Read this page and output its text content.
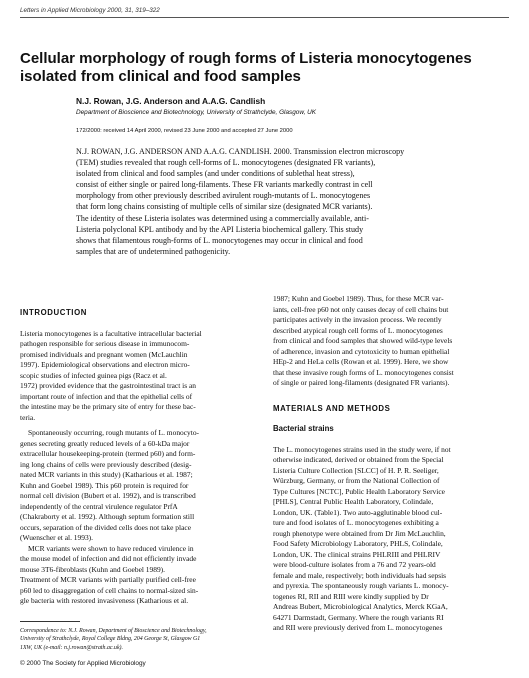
Letters in Applied Microbiology 2000, 31, 319–322
Cellular morphology of rough forms of Listeria monocytogenes isolated from clinical and food samples
N.J. Rowan, J.G. Anderson and A.A.G. Candlish
Department of Bioscience and Biotechnology, University of Strathclyde, Glasgow, UK
172/2000: received 14 April 2000, revised 23 June 2000 and accepted 27 June 2000
N.J. ROWAN, J.G. ANDERSON AND A.A.G. CANDLISH. 2000. Transmission electron microscopy
(TEM) studies revealed that rough cell-forms of L. monocytogenes (designated FR variants),
isolated from clinical and food samples (and under conditions of sublethal heat stress),
consist of either single or paired long-filaments. These FR variants markedly contrast in cell
morphology from other previously described avirulent rough-mutants of L. monocytogenes
that form long chains consisting of multiple cells of similar size (designated MCR variants).
The identity of these Listeria isolates was determined using a commercially available, anti-
Listeria polyclonal KPL antibody and by the API Listeria biochemical gallery. This study
shows that filamentous rough-forms of L. monocytogenes may occur in clinical and food
samples that are of undetermined pathogenicity.
INTRODUCTION
Listeria monocytogenes is a facultative intracellular bacterial
pathogen responsible for serious disease in immunocom-
promised individuals and pregnant women (McLauchlin
1997). Epidemiological observations and electron micro-
scopic studies of infected guinea pigs (Racz et al.
1972) provided evidence that the gastrointestinal tract is an
important route of infection and that the epithelial cells of
the intestine may be the primary site of entry for these bac-
teria.
Spontaneously occurring, rough mutants of L. monocyto-
genes secreting greatly reduced levels of a 60-kDa major
extracellular housekeeping-protein (termed p60) and form-
ing long chains of cells were previously described (desig-
nated MCR variants in this study) (Katharious et al. 1987;
Kuhn and Goebel 1989). This p60 protein is required for
normal cell division (Bubert et al. 1992), and is transcribed
independently of the central virulence regulator PrfA
(Chakraborty et al. 1992). Although septum formation still
occurs, separation of the divided cells does not take place
(Wuenscher et al. 1993).
MCR variants were shown to have reduced virulence in
the mouse model of infection and did not efficiently invade
mouse 3T6-fibroblasts (Kuhn and Goebel 1989).
Treatment of MCR variants with partially purified cell-free
p60 led to disaggregation of cell chains to normal-sized sin-
gle bacteria with restored invasiveness (Katharious et al.
1987; Kuhn and Goebel 1989). Thus, for these MCR var-
iants, cell-free p60 not only causes decay of cell chains but
participates actively in the invasion process. We recently
described atypical rough cell forms of L. monocytogenes
from clinical and food samples that showed wild-type levels
of adherence, invasion and cytotoxicity to human epithelial
HEp-2 and HeLa cells (Rowan et al. 1999). Here, we show
that these invasive rough forms of L. monocytogenes consist
of single or paired long-filaments (designated FR variants).
MATERIALS AND METHODS
Bacterial strains
The L. monocytogenes strains used in the study were, if not
otherwise indicated, derived or obtained from the Special
Listeria Culture Collection [SLCC] of H. P. R. Seeliger,
Würzburg, Germany, or from the National Collection of
Type Cultures [NCTC], Public Health Laboratory Service
[PHLS], Central Public Health Laboratory, Colindale,
London, UK. (Table1). Two auto-agglutinable blood cul-
ture and food isolates of L. monocytogenes exhibiting a
rough phenotype were obtained from Dr Jim McLauchlin,
Food Safety Microbiology Laboratory, PHLS, Colindale,
London, UK. The clinical strains PHLRIII and PHLRIV
were blood-culture isolates from a 76 and 72 years-old
female and male, respectively; both individuals had sepsis
and pyrexia. The spontaneously rough variants L. monocy-
togenes RI, RII and RIII were kindly supplied by Dr
Andreas Bubert, Microbiological Analytics, Merck KGaA,
64271 Darmstadt, Germany. Where the rough variants RI
and RII were previously derived from L. monocytogenes
Correspondence to: N.J. Rowan, Department of Bioscience and Biotechnology,
University of Strathclyde, Royal College Bldng, 204 George St, Glasgow G1
1XW, UK (e-mail: n.j.rowan@strath.ac.uk).
© 2000 The Society for Applied Microbiology
